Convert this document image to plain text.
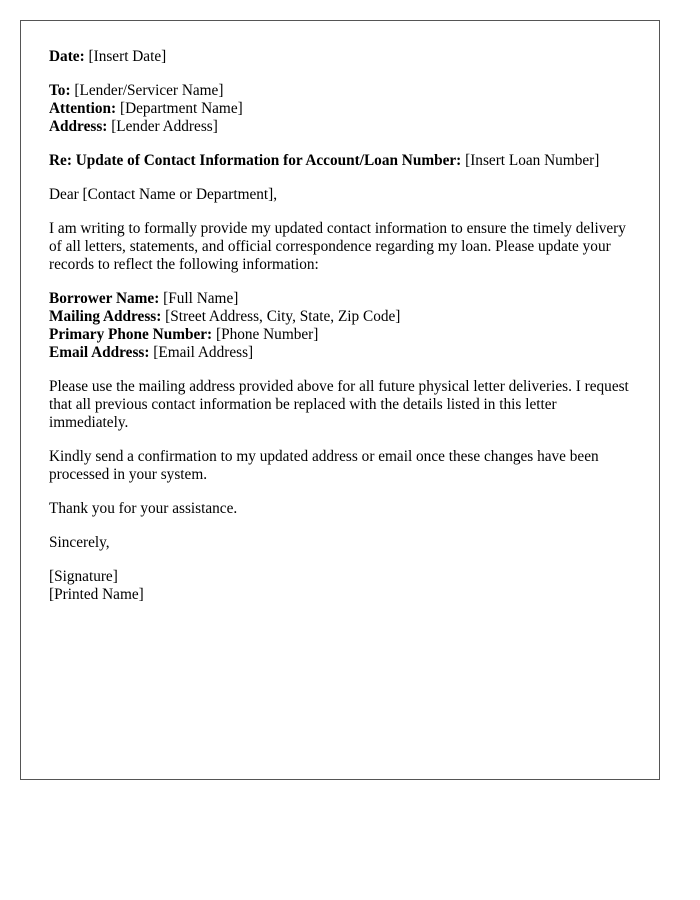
Date: [Insert Date]
To: [Lender/Servicer Name]
Attention: [Department Name]
Address: [Lender Address]
Re: Update of Contact Information for Account/Loan Number: [Insert Loan Number]

Dear [Contact Name or Department],

I am writing to formally provide my updated contact information to ensure the timely delivery of all letters, statements, and official correspondence regarding my loan. Please update your records to reflect the following information:

Borrower Name: [Full Name]
Mailing Address: [Street Address, City, State, Zip Code]
Primary Phone Number: [Phone Number]
Email Address: [Email Address]

Please use the mailing address provided above for all future physical letter deliveries. I request that all previous contact information be replaced with the details listed in this letter immediately.

Kindly send a confirmation to my updated address or email once these changes have been processed in your system.

Thank you for your assistance.

Sincerely,

[Signature]
[Printed Name]
